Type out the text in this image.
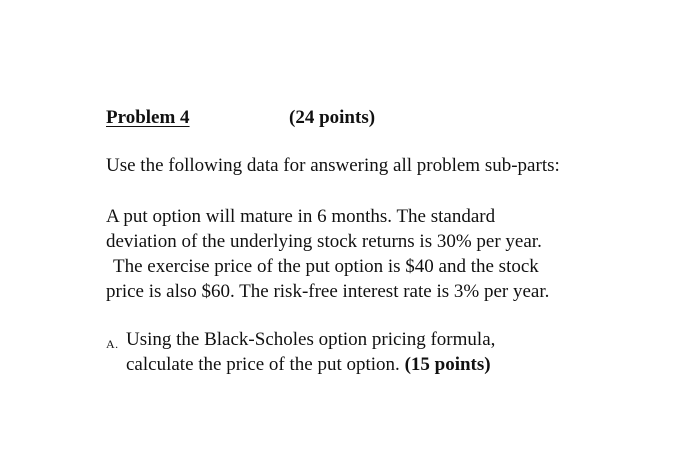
Problem 4	(24 points)
Use the following data for answering all problem sub-parts:
A put option will mature in 6 months. The standard
deviation of the underlying stock returns is 30% per year.
The exercise price of the put option is $40 and the stock
price is also $60. The risk-free interest rate is 3% per year.
A. Using the Black-Scholes option pricing formula,
calculate the price of the put option. (15 points)
